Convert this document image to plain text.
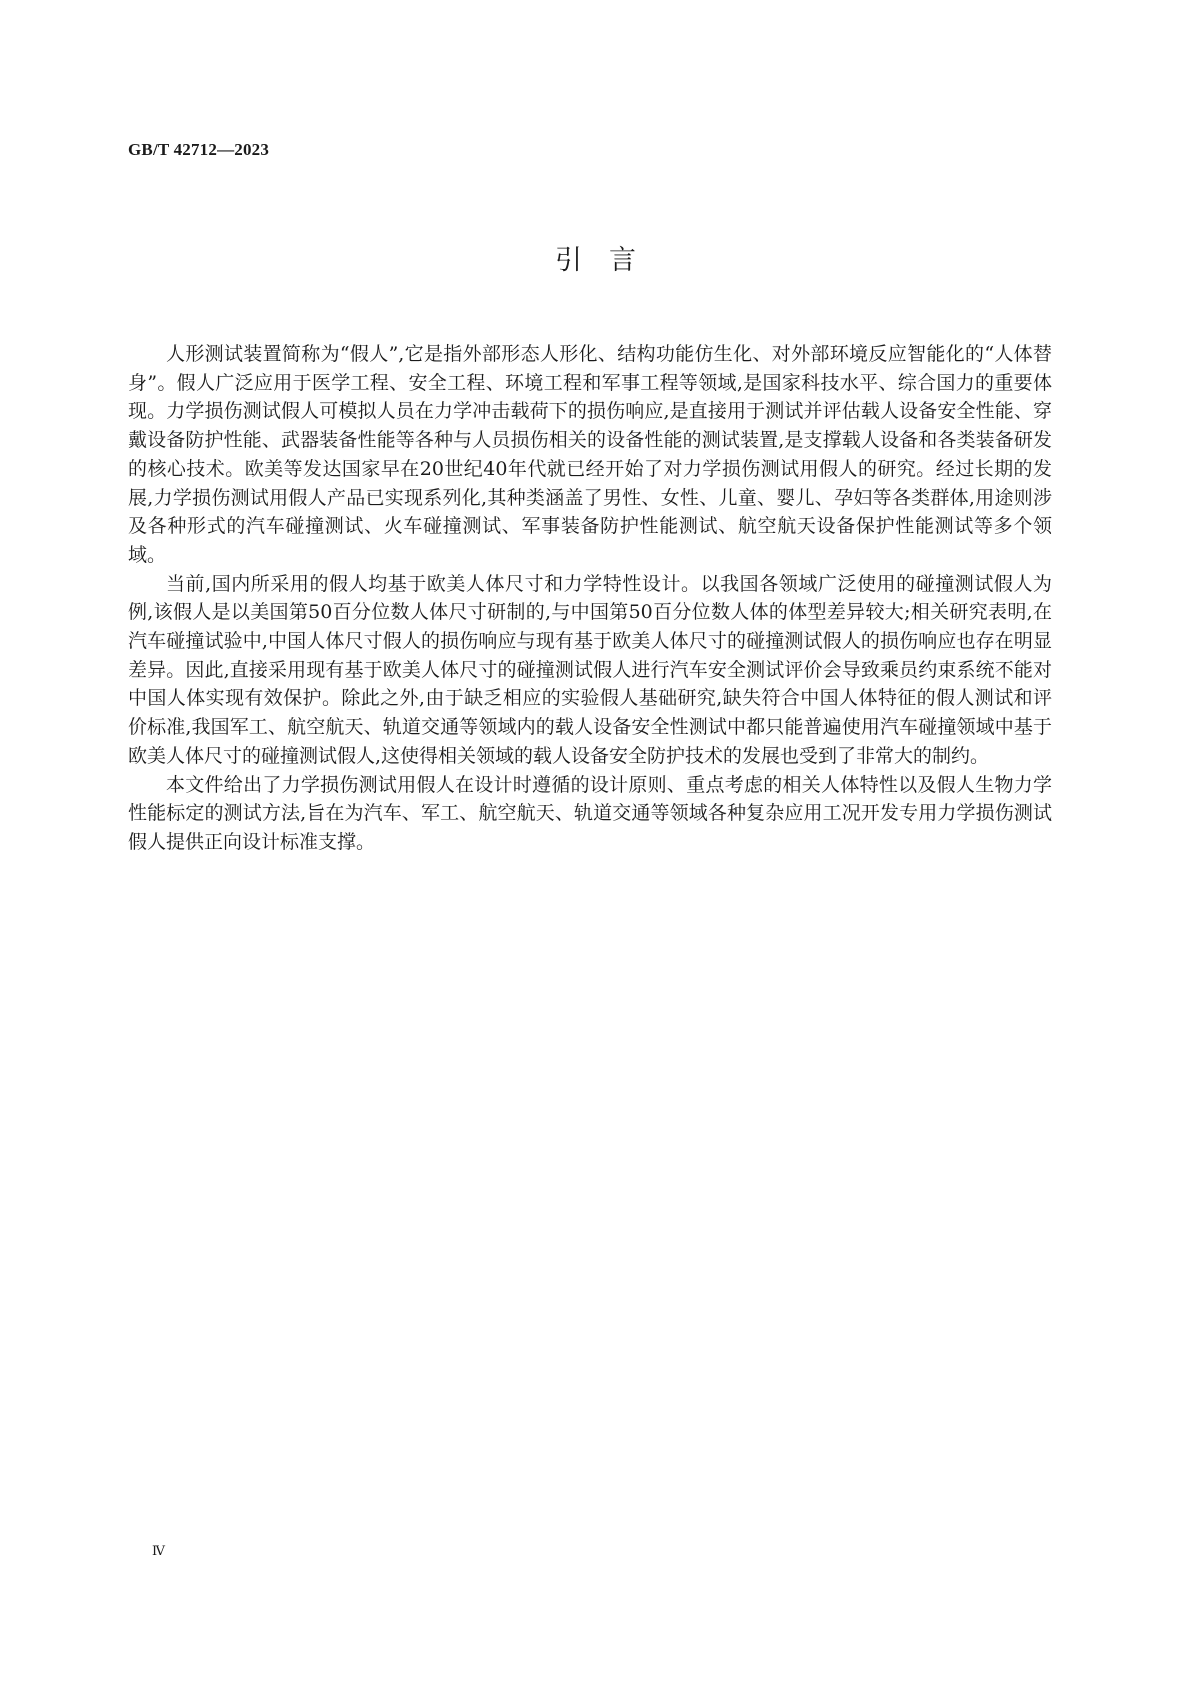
GB/T 42712—2023
引　言

人形测试装置简称为“假人”,它是指外部形态人形化、结构功能仿生化、对外部环境反应智能化的“人体替身”。假人广泛应用于医学工程、安全工程、环境工程和军事工程等领域,是国家科技水平、综合国力的重要体现。力学损伤测试假人可模拟人员在力学冲击载荷下的损伤响应,是直接用于测试并评估载人设备安全性能、穿戴设备防护性能、武器装备性能等各种与人员损伤相关的设备性能的测试装置,是支撑载人设备和各类装备研发的核心技术。欧美等发达国家早在20世纪40年代就已经开始了对力学损伤测试用假人的研究。经过长期的发展,力学损伤测试用假人产品已实现系列化,其种类涵盖了男性、女性、儿童、婴儿、孕妇等各类群体,用途则涉及各种形式的汽车碰撞测试、火车碰撞测试、军事装备防护性能测试、航空航天设备保护性能测试等多个领域。

当前,国内所采用的假人均基于欧美人体尺寸和力学特性设计。以我国各领域广泛使用的碰撞测试假人为例,该假人是以美国第50百分位数人体尺寸研制的,与中国第50百分位数人体的体型差异较大;相关研究表明,在汽车碰撞试验中,中国人体尺寸假人的损伤响应与现有基于欧美人体尺寸的碰撞测试假人的损伤响应也存在明显差异。因此,直接采用现有基于欧美人体尺寸的碰撞测试假人进行汽车安全测试评价会导致乘员约束系统不能对中国人体实现有效保护。除此之外,由于缺乏相应的实验假人基础研究,缺失符合中国人体特征的假人测试和评价标准,我国军工、航空航天、轨道交通等领域内的载人设备安全性测试中都只能普遍使用汽车碰撞领域中基于欧美人体尺寸的碰撞测试假人,这使得相关领域的载人设备安全防护技术的发展也受到了非常大的制约。

本文件给出了力学损伤测试用假人在设计时遵循的设计原则、重点考虑的相关人体特性以及假人生物力学性能标定的测试方法,旨在为汽车、军工、航空航天、轨道交通等领域各种复杂应用工况开发专用力学损伤测试假人提供正向设计标准支撑。

Ⅳ
